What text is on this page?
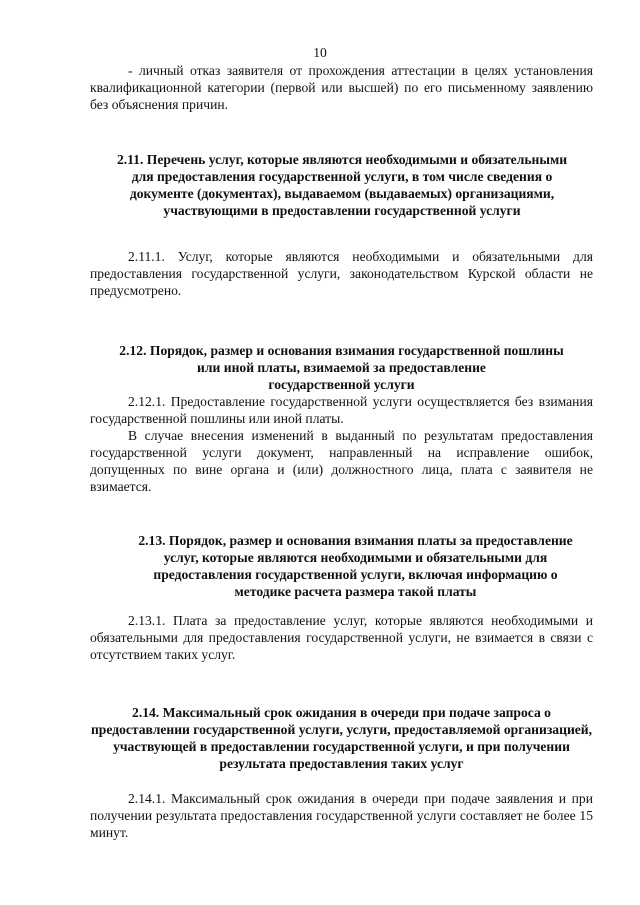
10
- личный отказ заявителя от прохождения аттестации в целях установления квалификационной категории (первой или высшей) по его письменному заявлению без объяснения причин.
2.11. Перечень услуг, которые являются необходимыми и обязательными для предоставления государственной услуги, в том числе сведения о документе (документах), выдаваемом (выдаваемых) организациями, участвующими в предоставлении государственной услуги
2.11.1. Услуг, которые являются необходимыми и обязательными для предоставления государственной услуги, законодательством Курской области не предусмотрено.
2.12. Порядок, размер и основания взимания государственной пошлины
или иной платы, взимаемой за предоставление
государственной услуги
2.12.1. Предоставление государственной услуги осуществляется без взимания государственной пошлины или иной платы.
В случае внесения изменений в выданный по результатам предоставления государственной услуги документ, направленный на исправление ошибок, допущенных по вине органа и (или) должностного лица, плата с заявителя не взимается.
2.13. Порядок, размер и основания взимания платы за предоставление услуг, которые являются необходимыми и обязательными для предоставления государственной услуги, включая информацию о методике расчета размера такой платы
2.13.1. Плата за предоставление услуг, которые являются необходимыми и обязательными для предоставления государственной услуги, не взимается в связи с отсутствием таких услуг.
2.14. Максимальный срок ожидания в очереди при подаче запроса о предоставлении государственной услуги, услуги, предоставляемой организацией, участвующей в предоставлении государственной услуги, и при получении результата предоставления таких услуг
2.14.1. Максимальный срок ожидания в очереди при подаче заявления и при получении результата предоставления государственной услуги составляет не более 15 минут.
